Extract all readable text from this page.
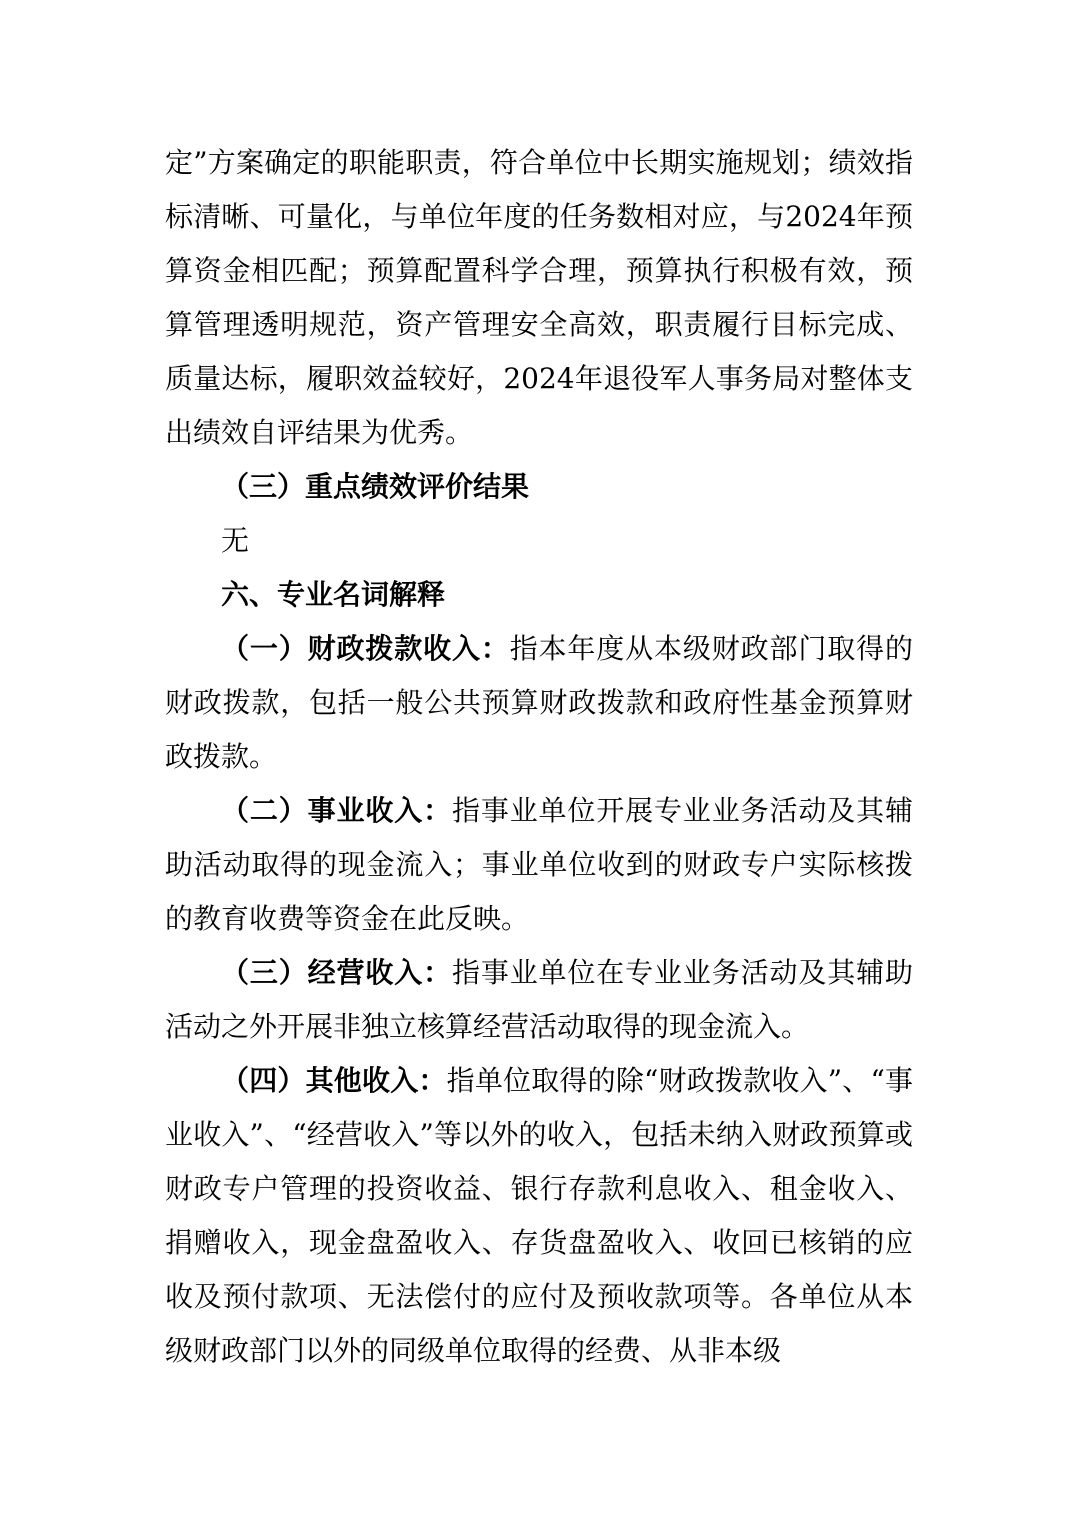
定”方案确定的职能职责，符合单位中长期实施规划；绩效指标清晰、可量化，与单位年度的任务数相对应，与2024年预算资金相匹配；预算配置科学合理，预算执行积极有效，预算管理透明规范，资产管理安全高效，职责履行目标完成、质量达标，履职效益较好，2024年退役军人事务局对整体支出绩效自评结果为优秀。

（三）重点绩效评价结果

无

六、专业名词解释

（一）财政拨款收入：指本年度从本级财政部门取得的财政拨款，包括一般公共预算财政拨款和政府性基金预算财政拨款。

（二）事业收入：指事业单位开展专业业务活动及其辅助活动取得的现金流入；事业单位收到的财政专户实际核拨的教育收费等资金在此反映。

（三）经营收入：指事业单位在专业业务活动及其辅助活动之外开展非独立核算经营活动取得的现金流入。

（四）其他收入：指单位取得的除“财政拨款收入”、“事业收入”、“经营收入”等以外的收入，包括未纳入财政预算或财政专户管理的投资收益、银行存款利息收入、租金收入、捐赠收入，现金盘盈收入、存货盘盈收入、收回已核销的应收及预付款项、无法偿付的应付及预收款项等。各单位从本级财政部门以外的同级单位取得的经费、从非本级
